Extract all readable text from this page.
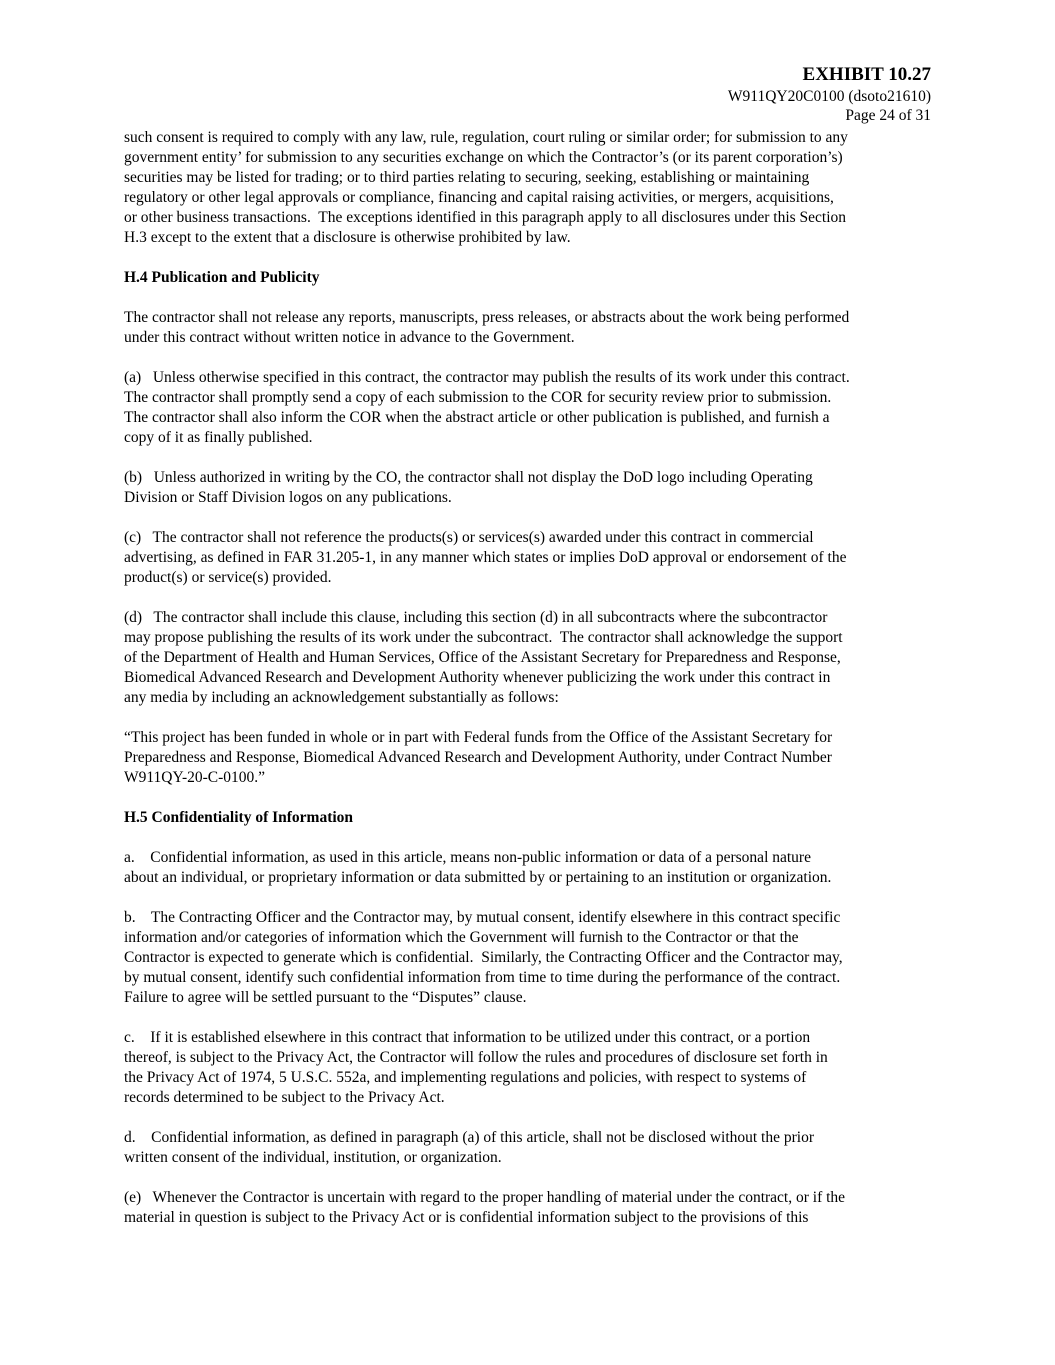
EXHIBIT 10.27
W911QY20C0100 (dsoto21610)
Page 24 of 31
such consent is required to comply with any law, rule, regulation, court ruling or similar order; for submission to any
government entity’ for submission to any securities exchange on which the Contractor’s (or its parent corporation’s)
securities may be listed for trading; or to third parties relating to securing, seeking, establishing or maintaining
regulatory or other legal approvals or compliance, financing and capital raising activities, or mergers, acquisitions,
or other business transactions.  The exceptions identified in this paragraph apply to all disclosures under this Section
H.3 except to the extent that a disclosure is otherwise prohibited by law.
H.4 Publication and Publicity
The contractor shall not release any reports, manuscripts, press releases, or abstracts about the work being performed
under this contract without written notice in advance to the Government.
(a)   Unless otherwise specified in this contract, the contractor may publish the results of its work under this contract.
The contractor shall promptly send a copy of each submission to the COR for security review prior to submission.
The contractor shall also inform the COR when the abstract article or other publication is published, and furnish a
copy of it as finally published.
(b)   Unless authorized in writing by the CO, the contractor shall not display the DoD logo including Operating
Division or Staff Division logos on any publications.
(c)   The contractor shall not reference the products(s) or services(s) awarded under this contract in commercial
advertising, as defined in FAR 31.205-1, in any manner which states or implies DoD approval or endorsement of the
product(s) or service(s) provided.
(d)   The contractor shall include this clause, including this section (d) in all subcontracts where the subcontractor
may propose publishing the results of its work under the subcontract.  The contractor shall acknowledge the support
of the Department of Health and Human Services, Office of the Assistant Secretary for Preparedness and Response,
Biomedical Advanced Research and Development Authority whenever publicizing the work under this contract in
any media by including an acknowledgement substantially as follows:
“This project has been funded in whole or in part with Federal funds from the Office of the Assistant Secretary for
Preparedness and Response, Biomedical Advanced Research and Development Authority, under Contract Number
W911QY-20-C-0100.”
H.5 Confidentiality of Information
a.    Confidential information, as used in this article, means non-public information or data of a personal nature
about an individual, or proprietary information or data submitted by or pertaining to an institution or organization.
b.    The Contracting Officer and the Contractor may, by mutual consent, identify elsewhere in this contract specific
information and/or categories of information which the Government will furnish to the Contractor or that the
Contractor is expected to generate which is confidential.  Similarly, the Contracting Officer and the Contractor may,
by mutual consent, identify such confidential information from time to time during the performance of the contract.
Failure to agree will be settled pursuant to the “Disputes” clause.
c.    If it is established elsewhere in this contract that information to be utilized under this contract, or a portion
thereof, is subject to the Privacy Act, the Contractor will follow the rules and procedures of disclosure set forth in
the Privacy Act of 1974, 5 U.S.C. 552a, and implementing regulations and policies, with respect to systems of
records determined to be subject to the Privacy Act.
d.    Confidential information, as defined in paragraph (a) of this article, shall not be disclosed without the prior
written consent of the individual, institution, or organization.
(e)   Whenever the Contractor is uncertain with regard to the proper handling of material under the contract, or if the
material in question is subject to the Privacy Act or is confidential information subject to the provisions of this
